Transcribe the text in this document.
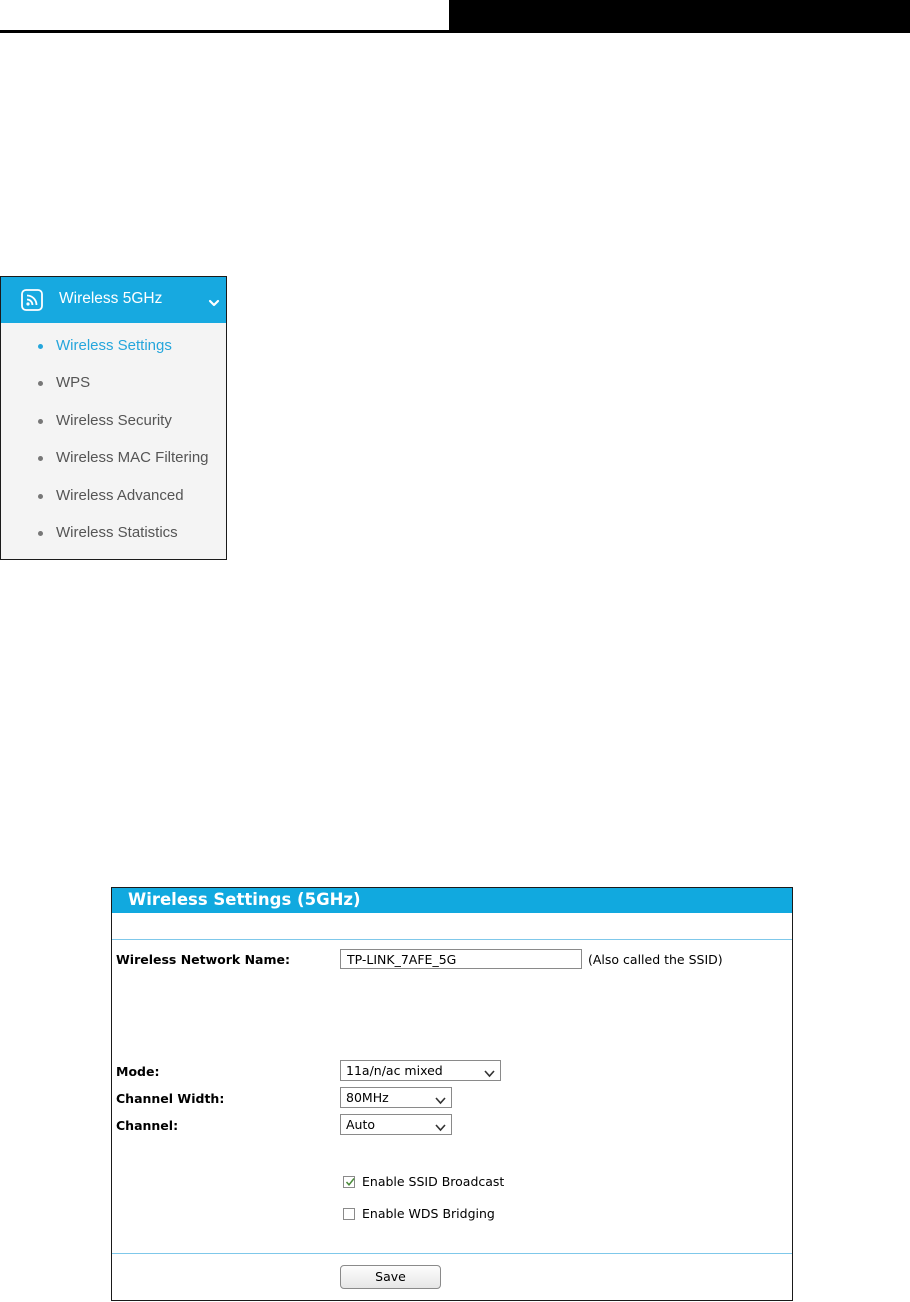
Wireless 5GHz
Wireless Settings
WPS
Wireless Security
Wireless MAC Filtering
Wireless Advanced
Wireless Statistics
Wireless Settings (5GHz)
Wireless Network Name:
TP-LINK_7AFE_5G	(Also called the SSID)
Mode:	11a/n/ac mixed
Channel Width:	80MHz
Channel:	Auto
Enable SSID Broadcast
Enable WDS Bridging
Save
